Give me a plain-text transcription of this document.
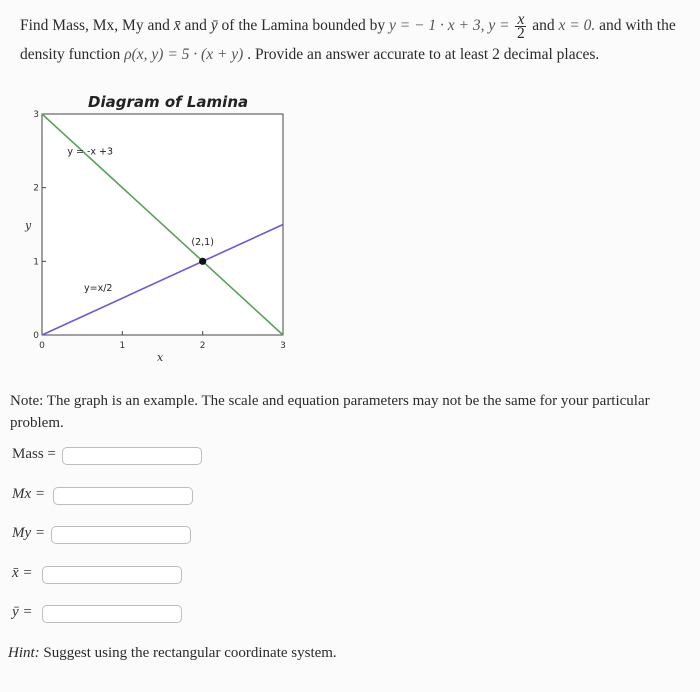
Find Mass, Mx, My and x̄ and ȳ of the Lamina bounded by y = − 1 · x + 3, $y = \frac{x}{2}$ and x = 0. and with the
density function ρ(x, y) = 5 · (x + y) . Provide an answer accurate to at least 2 decimal places.
Diagram of Lamina
0	1	2	3
0
1
2
3
y = -x +3
y=x/2
(2,1)
y
x
Note: The graph is an example. The scale and equation parameters may not be the same for your particular problem.
Mass =
Mx =
My =
x̄ =
ȳ =
Hint: Suggest using the rectangular coordinate system.
